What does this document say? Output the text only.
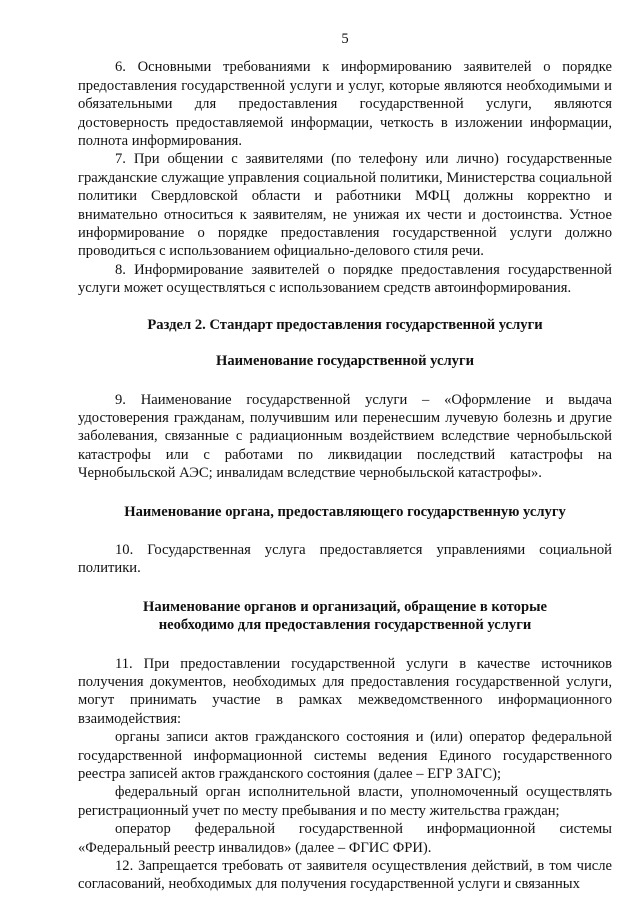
5

6. Основными требованиями к информированию заявителей о порядке предоставления государственной услуги и услуг, которые являются необходимыми и обязательными для предоставления государственной услуги, являются достоверность предоставляемой информации, четкость в изложении информации, полнота информирования.

7. При общении с заявителями (по телефону или лично) государственные гражданские служащие управления социальной политики, Министерства социальной политики Свердловской области и работники МФЦ должны корректно и внимательно относиться к заявителям, не унижая их чести и достоинства. Устное информирование о порядке предоставления государственной услуги должно проводиться с использованием официально-делового стиля речи.

8. Информирование заявителей о порядке предоставления государственной услуги может осуществляться с использованием средств автоинформирования.

Раздел 2. Стандарт предоставления государственной услуги
Наименование государственной услуги

9. Наименование государственной услуги – «Оформление и выдача удостоверения гражданам, получившим или перенесшим лучевую болезнь и другие заболевания, связанные с радиационным воздействием вследствие чернобыльской катастрофы или с работами по ликвидации последствий катастрофы на Чернобыльской АЭС; инвалидам вследствие чернобыльской катастрофы».

Наименование органа, предоставляющего государственную услугу

10. Государственная услуга предоставляется управлениями социальной политики.

Наименование органов и организаций, обращение в которые
необходимо для предоставления государственной услуги

11. При предоставлении государственной услуги в качестве источников получения документов, необходимых для предоставления государственной услуги, могут принимать участие в рамках межведомственного информационного взаимодействия:

органы записи актов гражданского состояния и (или) оператор федеральной государственной информационной системы ведения Единого государственного реестра записей актов гражданского состояния (далее – ЕГР ЗАГС);

федеральный орган исполнительной власти, уполномоченный осуществлять регистрационный учет по месту пребывания и по месту жительства граждан;

оператор федеральной государственной информационной системы «Федеральный реестр инвалидов» (далее – ФГИС ФРИ).

12. Запрещается требовать от заявителя осуществления действий, в том числе согласований, необходимых для получения государственной услуги и связанных
